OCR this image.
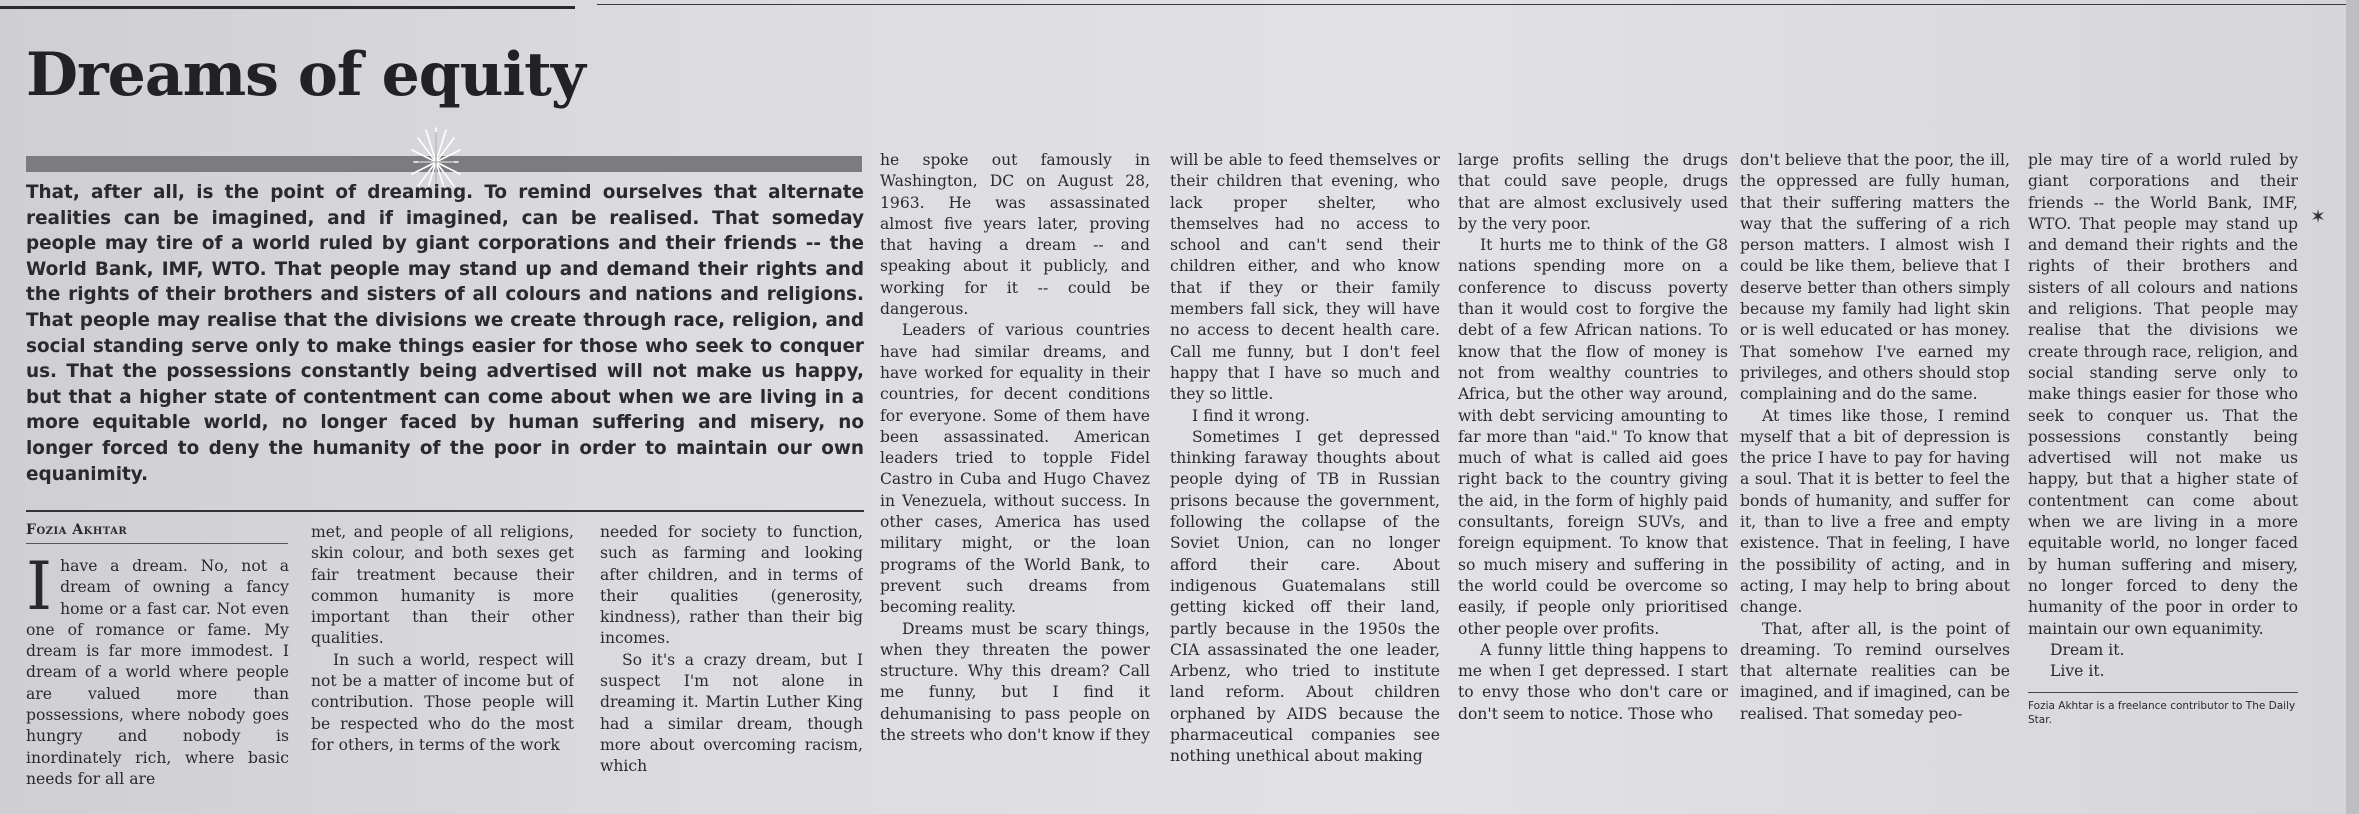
Dreams of equity

That, after all, is the point of dreaming. To remind ourselves that alternate realities can be imagined, and if imagined, can be realised. That someday people may tire of a world ruled by giant corporations and their friends -- the World Bank, IMF, WTO. That people may stand up and demand their rights and the rights of their brothers and sisters of all colours and nations and religions. That people may realise that the divisions we create through race, religion, and social standing serve only to make things easier for those who seek to conquer us. That the possessions constantly being advertised will not make us happy, but that a higher state of contentment can come about when we are living in a more equitable world, no longer faced by human suffering and misery, no longer forced to deny the humanity of the poor in order to maintain our own equanimity.

Fozia Akhtar

Ihave a dream. No, not a dream of owning a fancy home or a fast car. Not even one of romance or fame. My dream is far more immodest. I dream of a world where people are valued more than possessions, where nobody goes hungry and nobody is inordinately rich, where basic needs for all are

met, and people of all religions, skin colour, and both sexes get fair treatment because their common humanity is more important than their other qualities.

In such a world, respect will not be a matter of income but of contribution. Those people will be respected who do the most for others, in terms of the work

needed for society to function, such as farming and looking after children, and in terms of their qualities (generosity, kindness), rather than their big incomes.

So it's a crazy dream, but I suspect I'm not alone in dreaming it. Martin Luther King had a similar dream, though more about overcoming racism, which

he spoke out famously in Washington, DC on August 28, 1963. He was assassinated almost five years later, proving that having a dream -- and speaking about it publicly, and working for it -- could be dangerous.

Leaders of various countries have had similar dreams, and have worked for equality in their countries, for decent conditions for everyone. Some of them have been assassinated. American leaders tried to topple Fidel Castro in Cuba and Hugo Chavez in Venezuela, without success. In other cases, America has used military might, or the loan programs of the World Bank, to prevent such dreams from becoming reality.

Dreams must be scary things, when they threaten the power structure. Why this dream? Call me funny, but I find it dehumanising to pass people on the streets who don't know if they

will be able to feed themselves or their children that evening, who lack proper shelter, who themselves had no access to school and can't send their children either, and who know that if they or their family members fall sick, they will have no access to decent health care. Call me funny, but I don't feel happy that I have so much and they so little.

I find it wrong.

Sometimes I get depressed thinking faraway thoughts about people dying of TB in Russian prisons because the government, following the collapse of the Soviet Union, can no longer afford their care. About indigenous Guatemalans still getting kicked off their land, partly because in the 1950s the CIA assassinated the one leader, Arbenz, who tried to institute land reform. About children orphaned by AIDS because the pharmaceutical companies see nothing unethical about making

large profits selling the drugs that could save people, drugs that are almost exclusively used by the very poor.

It hurts me to think of the G8 nations spending more on a conference to discuss poverty than it would cost to forgive the debt of a few African nations. To know that the flow of money is not from wealthy countries to Africa, but the other way around, with debt servicing amounting to far more than "aid." To know that much of what is called aid goes right back to the country giving the aid, in the form of highly paid consultants, foreign SUVs, and foreign equipment. To know that so much misery and suffering in the world could be overcome so easily, if people only prioritised other people over profits.

A funny little thing happens to me when I get depressed. I start to envy those who don't care or don't seem to notice. Those who

don't believe that the poor, the ill, the oppressed are fully human, that their suffering matters the way that the suffering of a rich person matters. I almost wish I could be like them, believe that I deserve better than others simply because my family had light skin or is well educated or has money. That somehow I've earned my privileges, and others should stop complaining and do the same.

At times like those, I remind myself that a bit of depression is the price I have to pay for having a soul. That it is better to feel the bonds of humanity, and suffer for it, than to live a free and empty existence. That in feeling, I have the possibility of acting, and in acting, I may help to bring about change.

That, after all, is the point of dreaming. To remind ourselves that alternate realities can be imagined, and if imagined, can be realised. That someday peo-

ple may tire of a world ruled by giant corporations and their friends -- the World Bank, IMF, WTO. That people may stand up and demand their rights and the rights of their brothers and sisters of all colours and nations and religions. That people may realise that the divisions we create through race, religion, and social standing serve only to make things easier for those who seek to conquer us. That the possessions constantly being advertised will not make us happy, but that a higher state of contentment can come about when we are living in a more equitable world, no longer faced by human suffering and misery, no longer forced to deny the humanity of the poor in order to maintain our own equanimity.

Dream it.

Live it.

Fozia Akhtar is a freelance contributor to The Daily Star.
